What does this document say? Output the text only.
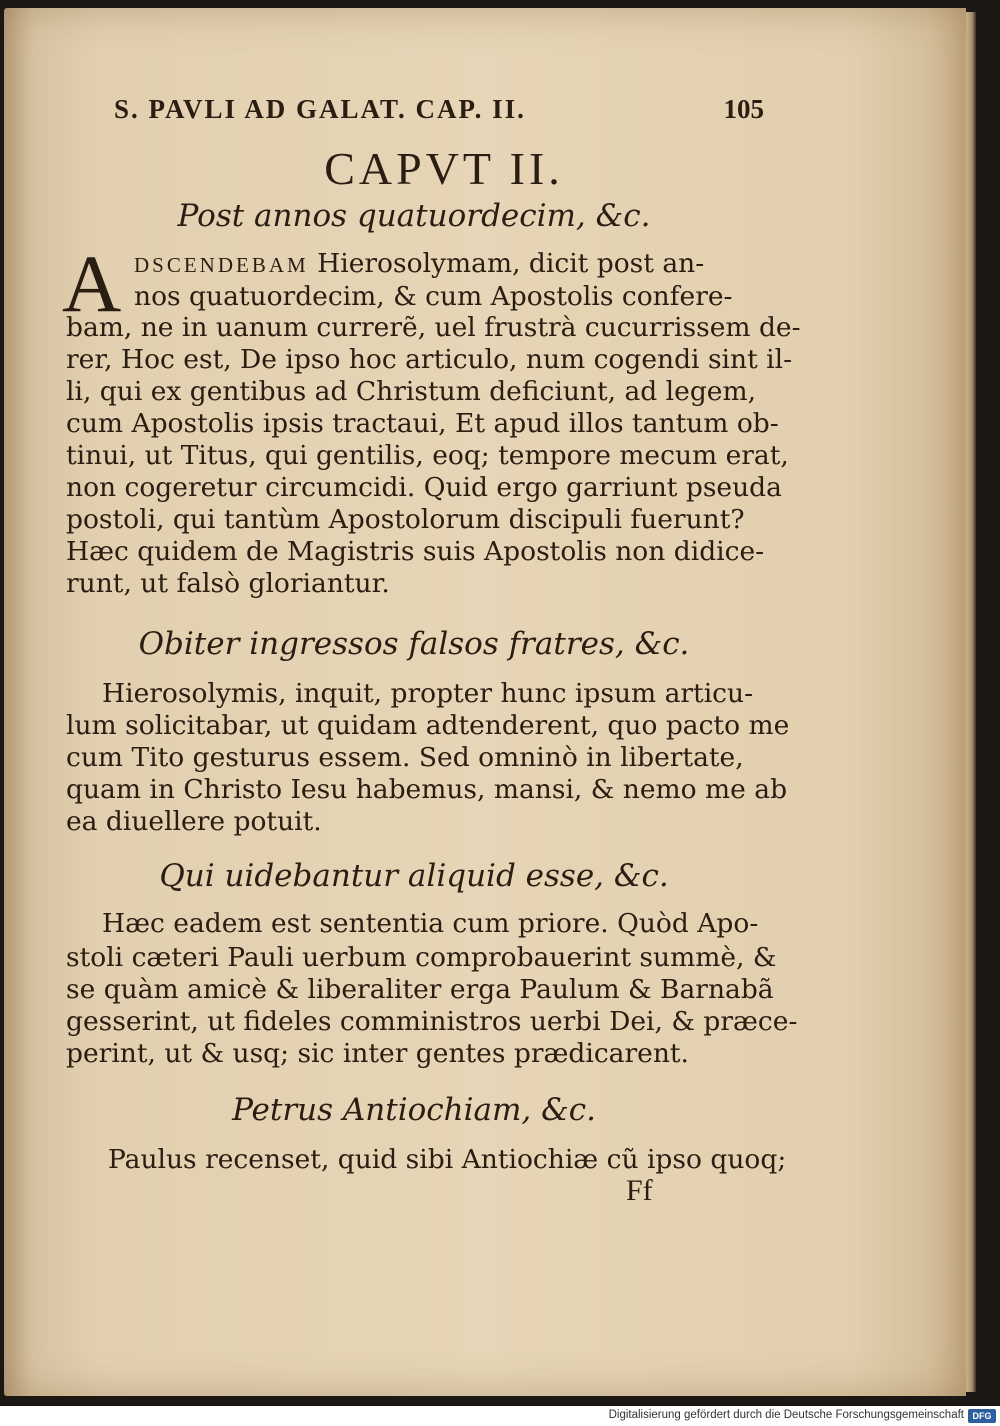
S. PAVLI AD GALAT. CAP. II.	105
CAPVT II.
Post annos quatuordecim, &c.
A DSCENDEBAM Hierosolymam, dicit post an-
nos quatuordecim, & cum Apostolis confere-
bam, ne in uanum currerẽ, uel frustrà cucurrissem de-
rer, Hoc est, De ipso hoc articulo, num cogendi sint il-
li, qui ex gentibus ad Christum deficiunt, ad legem,
cum Apostolis ipsis tractaui, Et apud illos tantum ob-
tinui, ut Titus, qui gentilis, eoq; tempore mecum erat,
non cogeretur circumcidi. Quid ergo garriunt pseuda
postoli, qui tantùm Apostolorum discipuli fuerunt?
Hæc quidem de Magistris suis Apostolis non didice-
runt, ut falsò gloriantur.
Obiter ingressos falsos fratres, &c.
Hierosolymis, inquit, propter hunc ipsum articu-
lum solicitabar, ut quidam adtenderent, quo pacto me
cum Tito gesturus essem. Sed omninò in libertate,
quam in Christo Iesu habemus, mansi, & nemo me ab
ea diuellere potuit.
Qui uidebantur aliquid esse, &c.
Hæc eadem est sententia cum priore. Quòd Apo-
stoli cæteri Pauli uerbum comprobauerint summè, &
se quàm amicè & liberaliter erga Paulum & Barnabã
gesserint, ut fideles comministros uerbi Dei, & præce-
perint, ut & usq; sic inter gentes prædicarent.
Petrus Antiochiam, &c.
Paulus recenset, quid sibi Antiochiæ cũ ipso quoq;
Ff
Digitalisierung gefördert durch die Deutsche Forschungsgemeinschaft DFG
